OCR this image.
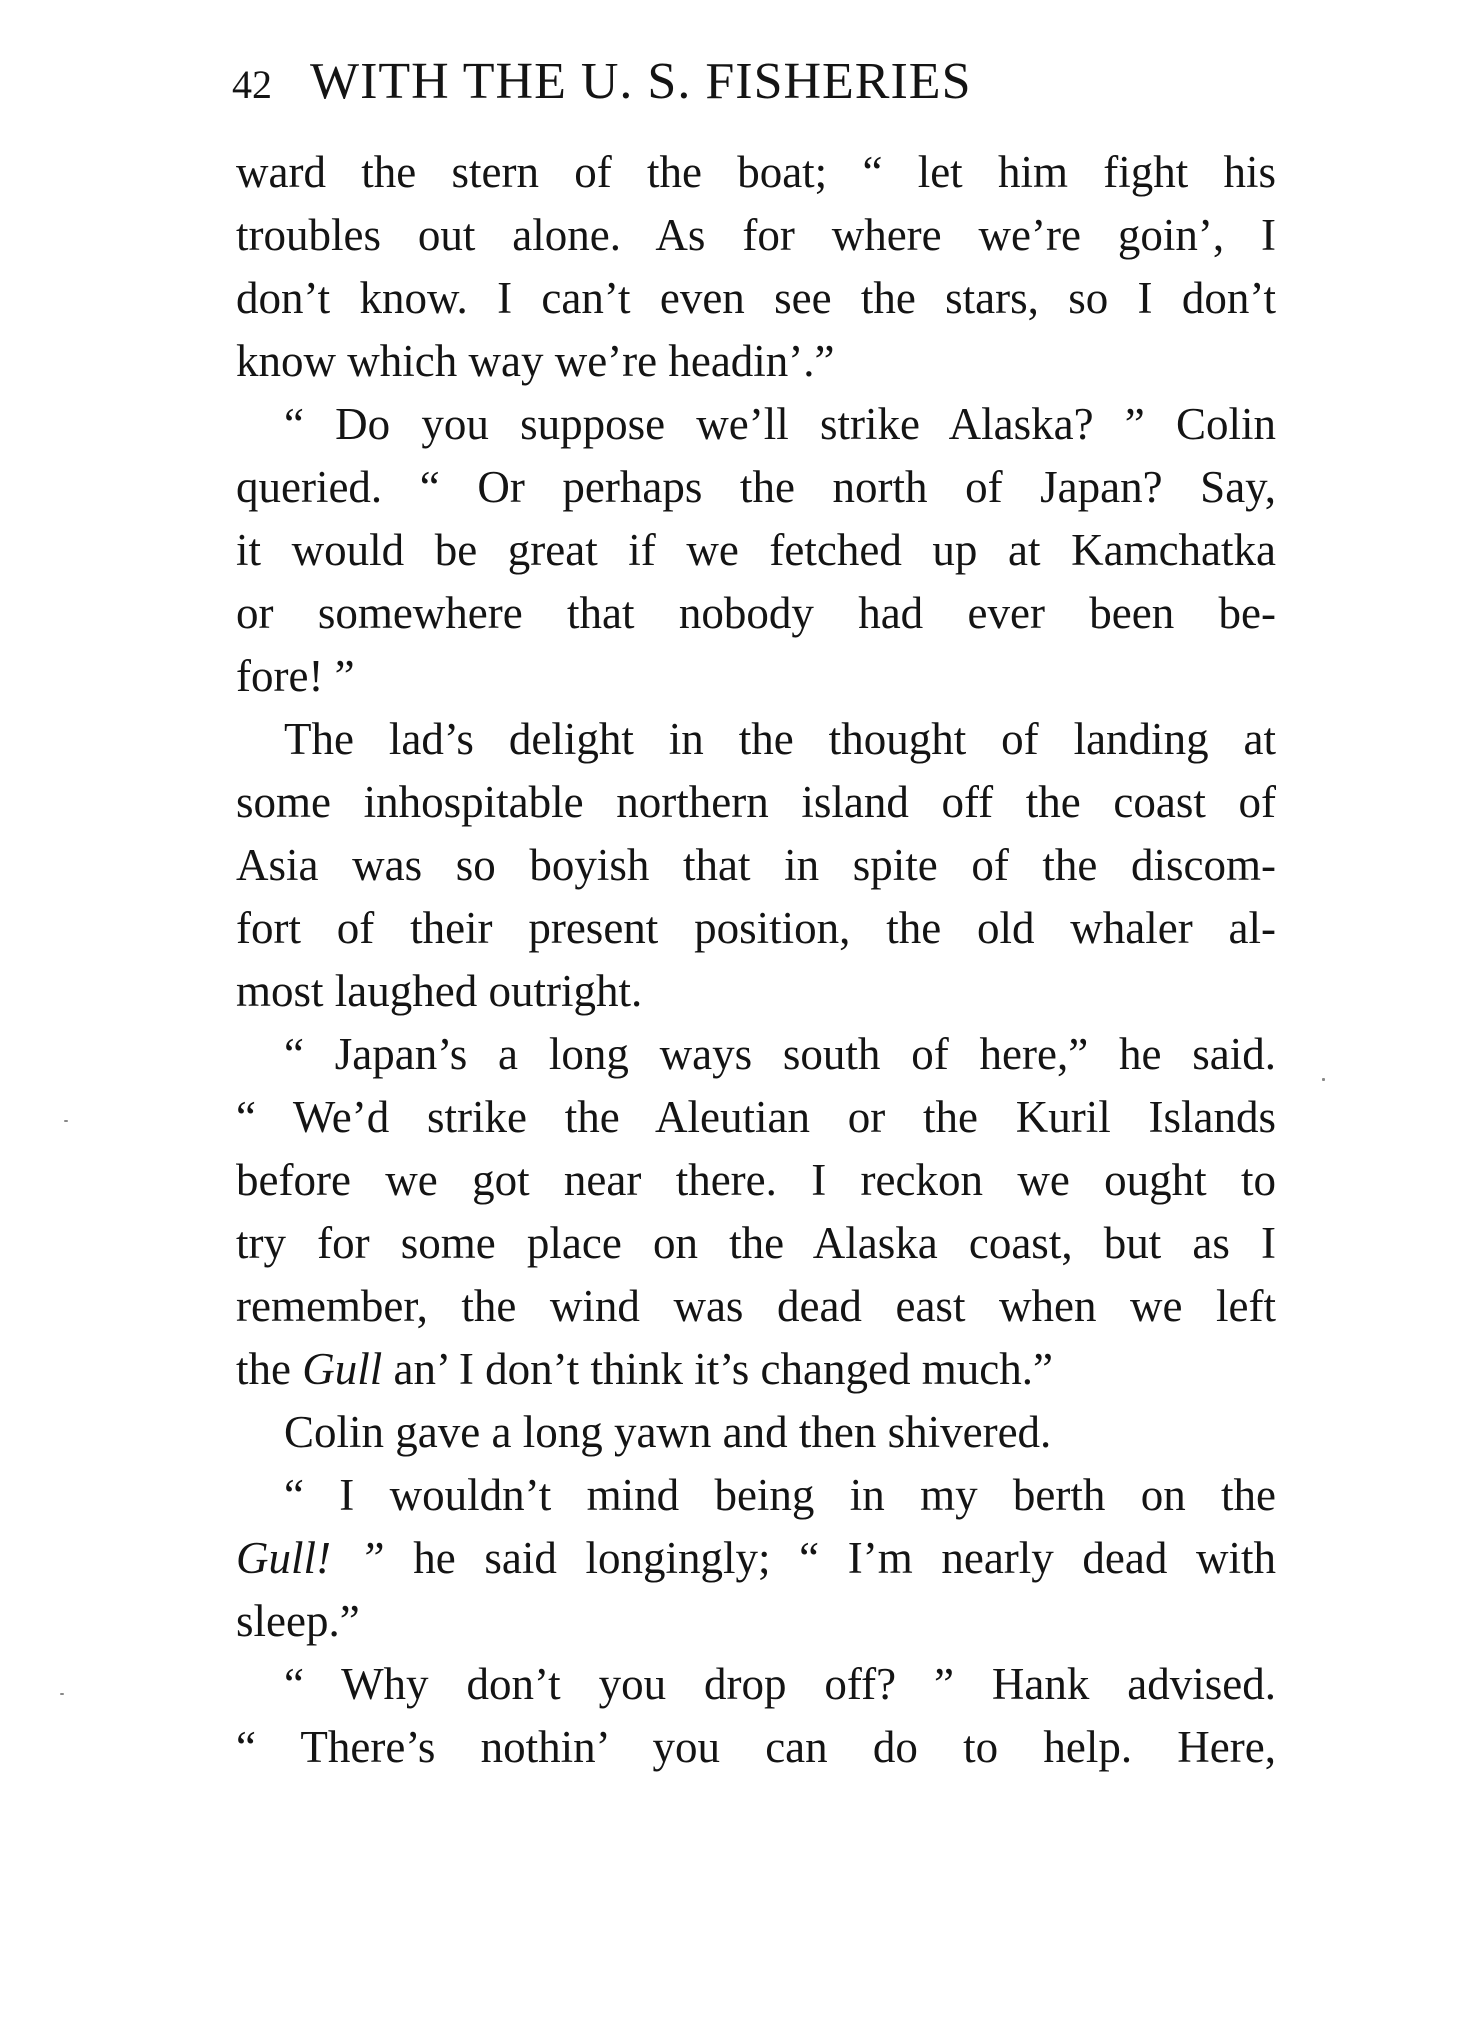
42 WITH THE U. S. FISHERIES
ward the stern of the boat; “ let him fight his
troubles out alone. As for where we’re goin’, I
don’t know. I can’t even see the stars, so I don’t
know which way we’re headin’.”
“ Do you suppose we’ll strike Alaska? ” Colin
queried. “ Or perhaps the north of Japan? Say,
it would be great if we fetched up at Kamchatka
or somewhere that nobody had ever been be-
fore! ”
The lad’s delight in the thought of landing at
some inhospitable northern island off the coast of
Asia was so boyish that in spite of the discom-
fort of their present position, the old whaler al-
most laughed outright.
“ Japan’s a long ways south of here,” he said.
“ We’d strike the Aleutian or the Kuril Islands
before we got near there. I reckon we ought to
try for some place on the Alaska coast, but as I
remember, the wind was dead east when we left
the Gull an’ I don’t think it’s changed much.”
Colin gave a long yawn and then shivered.
“ I wouldn’t mind being in my berth on the
Gull! ” he said longingly; “ I’m nearly dead with
sleep.”
“ Why don’t you drop off? ” Hank advised.
“ There’s nothin’ you can do to help. Here,
